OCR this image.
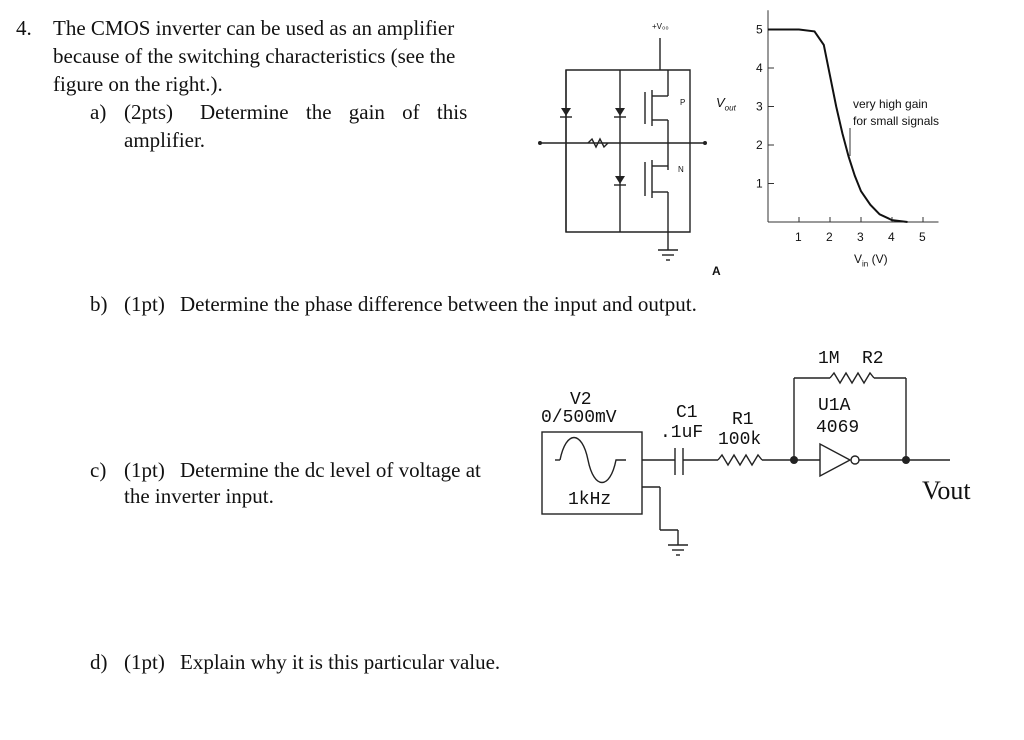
4. The CMOS inverter can be used as an amplifier
because of the switching characteristics (see the
figure on the right.).
a) (2pts) Determine the gain of this
amplifier.
b) (1pt) Determine the phase difference between the input and output.
c) (1pt) Determine the dc level of voltage at
the inverter input.
d) (1pt) Explain why it is this particular value.
+V₀₀
P
N
A
5
4
3
2
1
1 2 3 4 5
$V_{out}$	very high gain
for small signals
$V_{in}$ (V)
V2
0/500mV
1kHz
C1
.1uF
R1
100k
1M R2
U1A
4069
Vout
